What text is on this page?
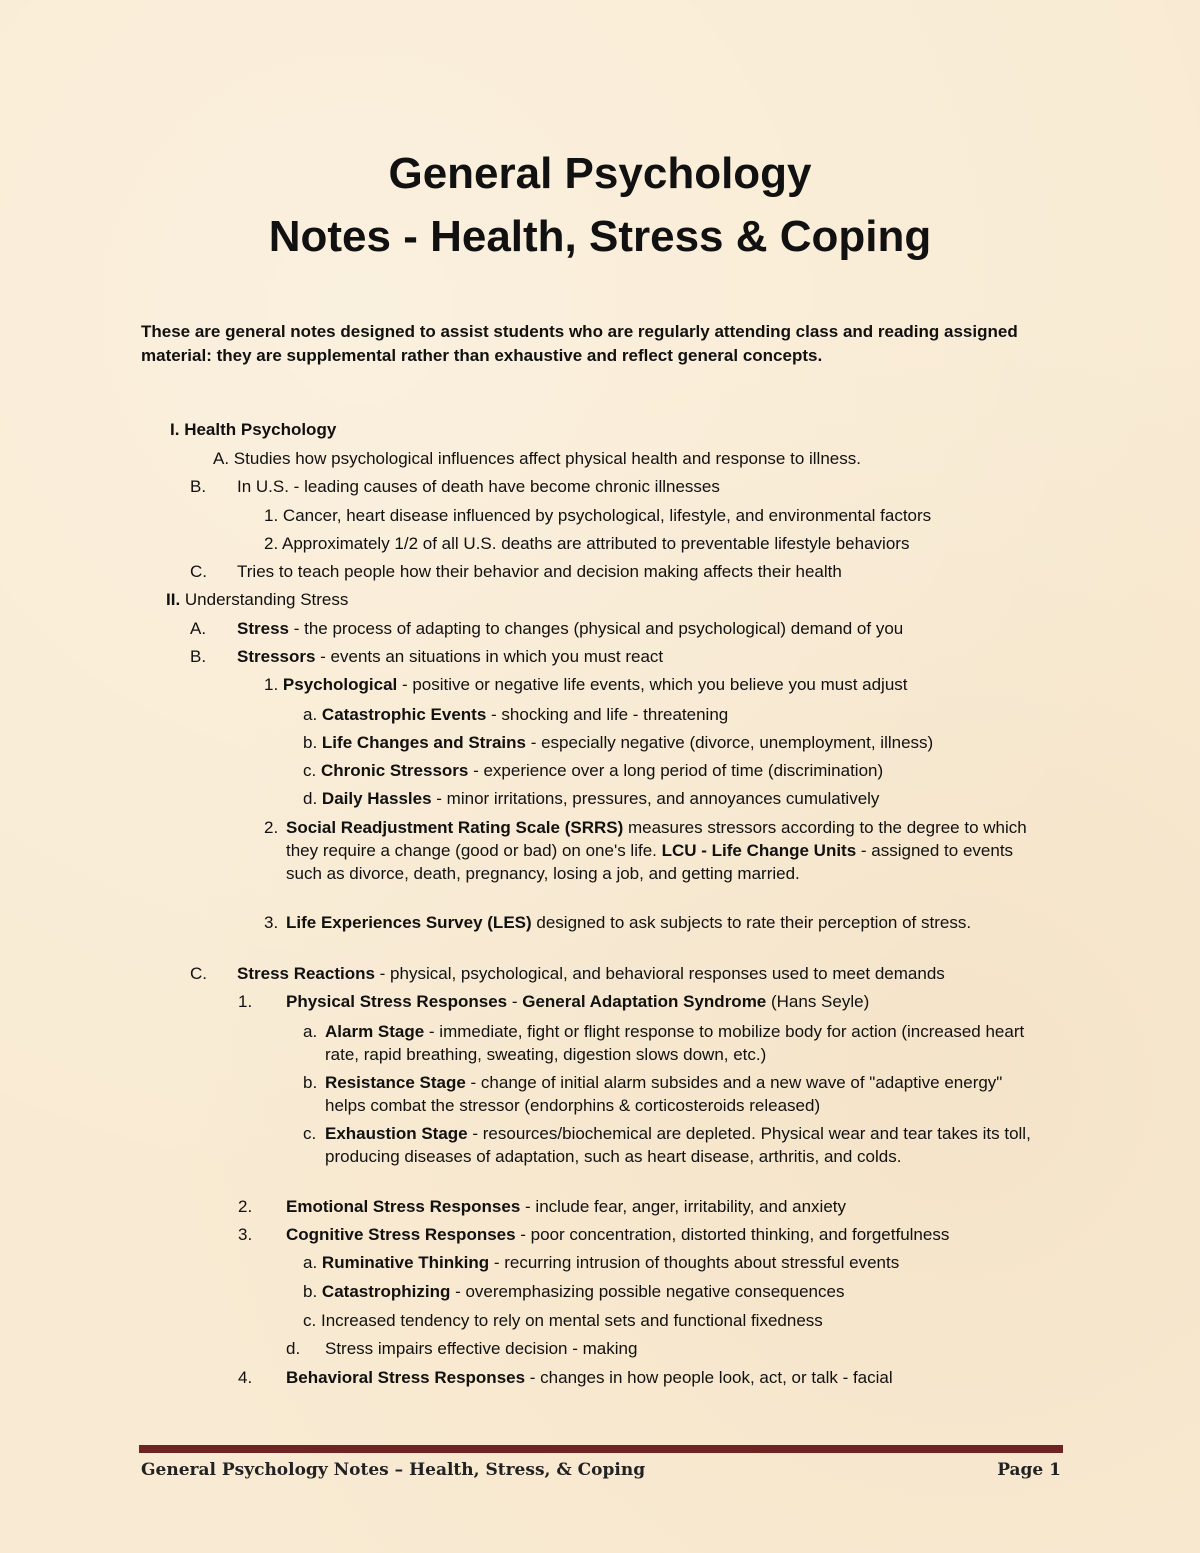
General Psychology
Notes - Health, Stress & Coping
These are general notes designed to assist students who are regularly attending class and reading assigned material: they are supplemental rather than exhaustive and reflect general concepts.
I. Health Psychology
A. Studies how psychological influences affect physical health and response to illness.
B. In U.S. - leading causes of death have become chronic illnesses
1. Cancer, heart disease influenced by psychological, lifestyle, and environmental factors
2. Approximately 1/2 of all U.S. deaths are attributed to preventable lifestyle behaviors
C. Tries to teach people how their behavior and decision making affects their health
II. Understanding Stress
A. Stress - the process of adapting to changes (physical and psychological) demand of you
B. Stressors - events an situations in which you must react
1. Psychological - positive or negative life events, which you believe you must adjust
a. Catastrophic Events - shocking and life - threatening
b. Life Changes and Strains - especially negative (divorce, unemployment, illness)
c. Chronic Stressors - experience over a long period of time (discrimination)
d. Daily Hassles - minor irritations, pressures, and annoyances cumulatively
2. Social Readjustment Rating Scale (SRRS) measures stressors according to the degree to which they require a change (good or bad) on one's life. LCU - Life Change Units - assigned to events such as divorce, death, pregnancy, losing a job, and getting married.
3. Life Experiences Survey (LES) designed to ask subjects to rate their perception of stress.
C. Stress Reactions - physical, psychological, and behavioral responses used to meet demands
1. Physical Stress Responses - General Adaptation Syndrome (Hans Seyle)
a. Alarm Stage - immediate, fight or flight response to mobilize body for action (increased heart rate, rapid breathing, sweating, digestion slows down, etc.)
b. Resistance Stage - change of initial alarm subsides and a new wave of "adaptive energy" helps combat the stressor (endorphins & corticosteroids released)
c. Exhaustion Stage - resources/biochemical are depleted. Physical wear and tear takes its toll, producing diseases of adaptation, such as heart disease, arthritis, and colds.
2. Emotional Stress Responses - include fear, anger, irritability, and anxiety
3. Cognitive Stress Responses - poor concentration, distorted thinking, and forgetfulness
a. Ruminative Thinking - recurring intrusion of thoughts about stressful events
b. Catastrophizing - overemphasizing possible negative consequences
c. Increased tendency to rely on mental sets and functional fixedness
d. Stress impairs effective decision - making
4. Behavioral Stress Responses - changes in how people look, act, or talk - facial
General Psychology Notes – Health, Stress, & Coping	Page 1
